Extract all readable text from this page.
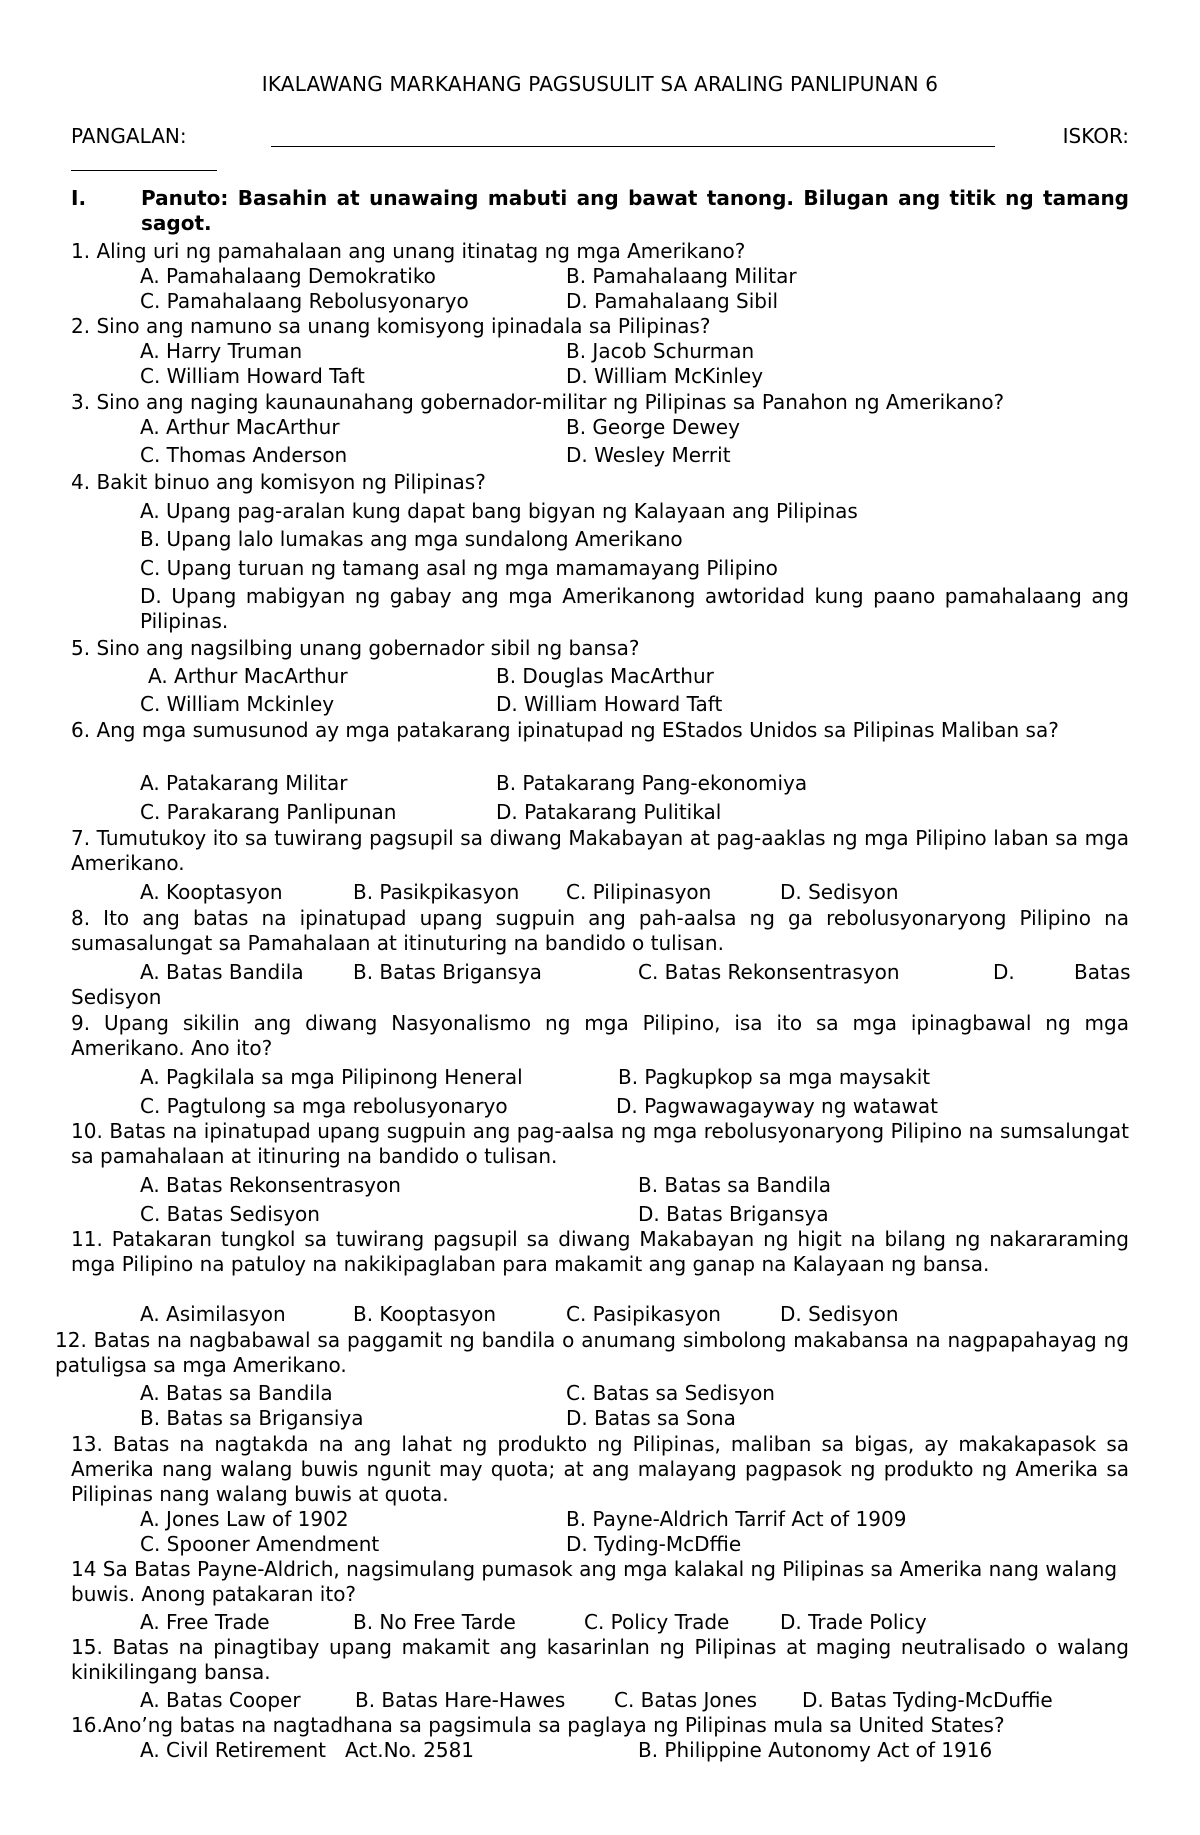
IKALAWANG MARKAHANG PAGSUSULIT SA ARALING PANLIPUNAN 6
PANGALAN:	ISKOR:
I.	Panuto: Basahin at unawaing mabuti ang bawat tanong. Bilugan ang titik ng tamang sagot.
1. Aling uri ng pamahalaan ang unang itinatag ng mga Amerikano?
A. Pamahalaang Demokratiko	B. Pamahalaang Militar
C. Pamahalaang Rebolusyonaryo	D. Pamahalaang Sibil
2. Sino ang namuno sa unang komisyong ipinadala sa Pilipinas?
A. Harry Truman	B. Jacob Schurman
C. William Howard Taft	D. William McKinley
3. Sino ang naging kaunaunahang gobernador-militar ng Pilipinas sa Panahon ng Amerikano?
A. Arthur MacArthur	B. George Dewey
C. Thomas Anderson	D. Wesley Merrit
4. Bakit binuo ang komisyon ng Pilipinas?
A. Upang pag-aralan kung dapat bang bigyan ng Kalayaan ang Pilipinas
B. Upang lalo lumakas ang mga sundalong Amerikano
C. Upang turuan ng tamang asal ng mga mamamayang Pilipino
D. Upang mabigyan ng gabay ang mga Amerikanong awtoridad kung paano pamahalaang ang Pilipinas.
5. Sino ang nagsilbing unang gobernador sibil ng bansa?
A. Arthur MacArthur	B. Douglas MacArthur
C. William Mckinley	D. William Howard Taft
6. Ang mga sumusunod ay mga patakarang ipinatupad ng EStados Unidos sa Pilipinas Maliban sa?
A. Patakarang Militar	B. Patakarang Pang-ekonomiya
C. Parakarang Panlipunan	D. Patakarang Pulitikal
7. Tumutukoy ito sa tuwirang pagsupil sa diwang Makabayan at pag-aaklas ng mga Pilipino laban sa mga Amerikano.
A. Kooptasyon	B. Pasikpikasyon C. Pilipinasyon	D. Sedisyon
8. Ito ang batas na ipinatupad upang sugpuin ang pah-aalsa ng ga rebolusyonaryong Pilipino na sumasalungat sa Pamahalaan at itinuturing na bandido o tulisan.
A. Batas Bandila B. Batas Brigansya	C. Batas Rekonsentrasyon	D.	Batas
Sedisyon
9. Upang sikilin ang diwang Nasyonalismo ng mga Pilipino, isa ito sa mga ipinagbawal ng mga Amerikano. Ano ito?
A. Pagkilala sa mga Pilipinong Heneral	B. Pagkupkop sa mga maysakit
C. Pagtulong sa mga rebolusyonaryo	D. Pagwawagayway ng watawat
10. Batas na ipinatupad upang sugpuin ang pag-aalsa ng mga rebolusyonaryong Pilipino na sumsalungat sa pamahalaan at itinuring na bandido o tulisan.
A. Batas Rekonsentrasyon	B. Batas sa Bandila
C. Batas Sedisyon	D. Batas Brigansya
11. Patakaran tungkol sa tuwirang pagsupil sa diwang Makabayan ng higit na bilang ng nakararaming mga Pilipino na patuloy na nakikipaglaban para makamit ang ganap na Kalayaan ng bansa.
A. Asimilasyon	B. Kooptasyon	C. Pasipikasyon	D. Sedisyon
12. Batas na nagbabawal sa paggamit ng bandila o anumang simbolong makabansa na nagpapahayag ng patuligsa sa mga Amerikano.
A. Batas sa Bandila	C. Batas sa Sedisyon
B. Batas sa Brigansiya	D. Batas sa Sona
13. Batas na nagtakda na ang lahat ng produkto ng Pilipinas, maliban sa bigas, ay makakapasok sa Amerika nang walang buwis ngunit may quota; at ang malayang pagpasok ng produkto ng Amerika sa Pilipinas nang walang buwis at quota.
A. Jones Law of 1902	B. Payne-Aldrich Tarrif Act of 1909
C. Spooner Amendment	D. Tyding-McDffie
14 Sa Batas Payne-Aldrich, nagsimulang pumasok ang mga kalakal ng Pilipinas sa Amerika nang walang buwis. Anong patakaran ito?
A. Free Trade	B. No Free Tarde	C. Policy Trade	D. Trade Policy
15. Batas na pinagtibay upang makamit ang kasarinlan ng Pilipinas at maging neutralisado o walang kinikilingang bansa.
A. Batas Cooper	B. Batas Hare-Hawes C. Batas Jones D. Batas Tyding-McDuffie
16.Ano’ng batas na nagtadhana sa pagsimula sa paglaya ng Pilipinas mula sa United States?
A. Civil Retirement   Act.No. 2581	B. Philippine Autonomy Act of 1916
